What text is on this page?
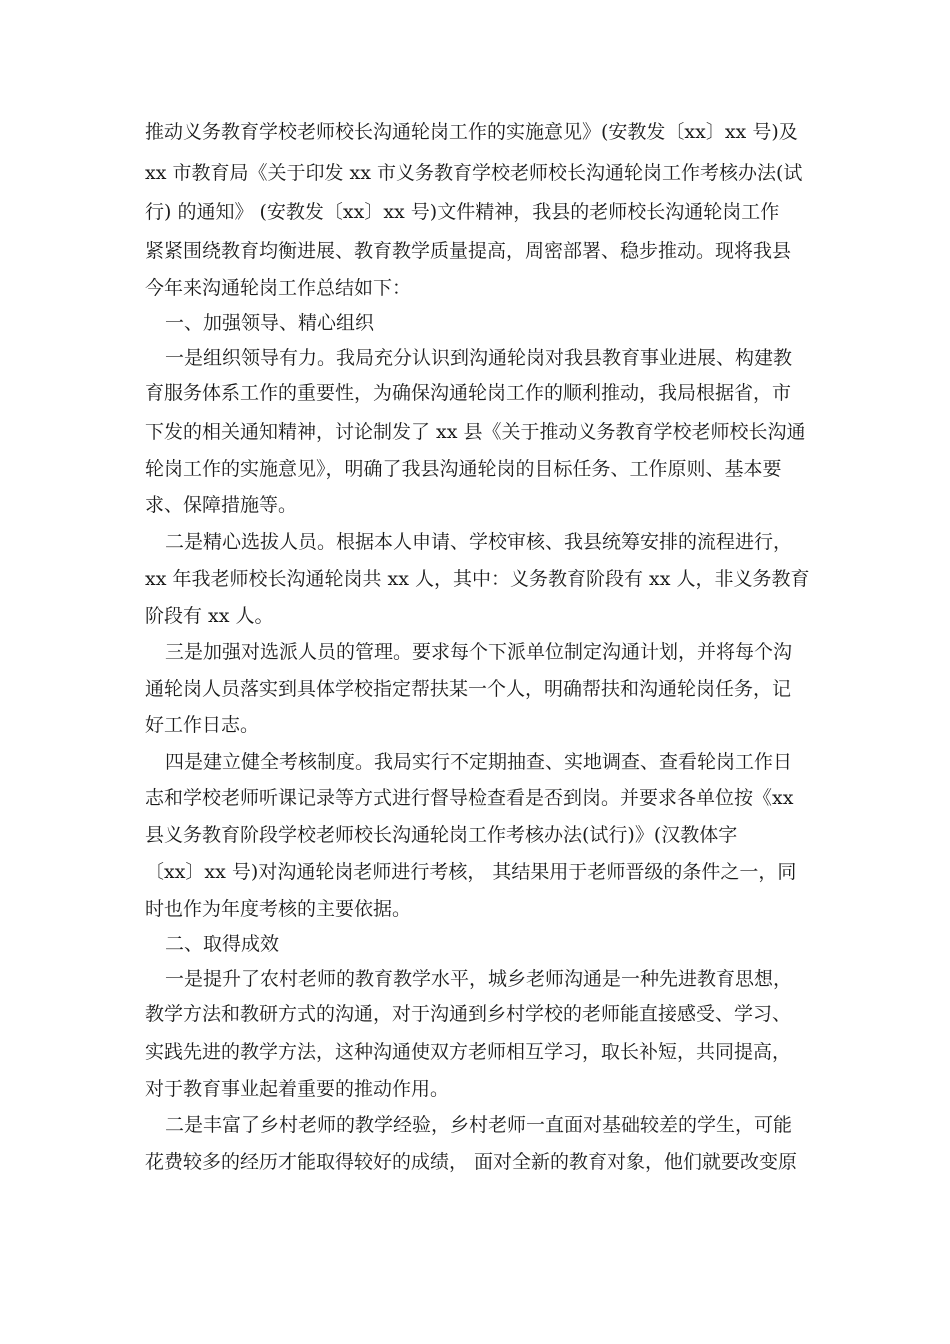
推动义务教育学校老师校长沟通轮岗工作的实施意见》(安教发〔xx〕xx 号)及
xx 市教育局《关于印发 xx 市义务教育学校老师校长沟通轮岗工作考核办法(试
行) 的通知》 (安教发〔xx〕xx 号)文件精神，我县的老师校长沟通轮岗工作
紧紧围绕教育均衡进展、教育教学质量提高，周密部署、稳步推动。现将我县
今年来沟通轮岗工作总结如下：
一、加强领导、精心组织
一是组织领导有力。我局充分认识到沟通轮岗对我县教育事业进展、构建教
育服务体系工作的重要性，为确保沟通轮岗工作的顺利推动，我局根据省，市
下发的相关通知精神，讨论制发了 xx 县《关于推动义务教育学校老师校长沟通
轮岗工作的实施意见》，明确了我县沟通轮岗的目标任务、工作原则、基本要
求、保障措施等。
二是精心选拔人员。根据本人申请、学校审核、我县统筹安排的流程进行，
xx 年我老师校长沟通轮岗共 xx 人，其中：义务教育阶段有 xx 人，非义务教育
阶段有 xx 人。
三是加强对选派人员的管理。要求每个下派单位制定沟通计划，并将每个沟
通轮岗人员落实到具体学校指定帮扶某一个人，明确帮扶和沟通轮岗任务，记
好工作日志。
四是建立健全考核制度。我局实行不定期抽查、实地调查、查看轮岗工作日
志和学校老师听课记录等方式进行督导检查看是否到岗。并要求各单位按《xx
县义务教育阶段学校老师校长沟通轮岗工作考核办法(试行)》(汉教体字
〔xx〕xx 号)对沟通轮岗老师进行考核， 其结果用于老师晋级的条件之一，同
时也作为年度考核的主要依据。
二、取得成效
一是提升了农村老师的教育教学水平，城乡老师沟通是一种先进教育思想，
教学方法和教研方式的沟通，对于沟通到乡村学校的老师能直接感受、学习、
实践先进的教学方法，这种沟通使双方老师相互学习，取长补短，共同提高，
对于教育事业起着重要的推动作用。
二是丰富了乡村老师的教学经验，乡村老师一直面对基础较差的学生，可能
花费较多的经历才能取得较好的成绩， 面对全新的教育对象，他们就要改变原
